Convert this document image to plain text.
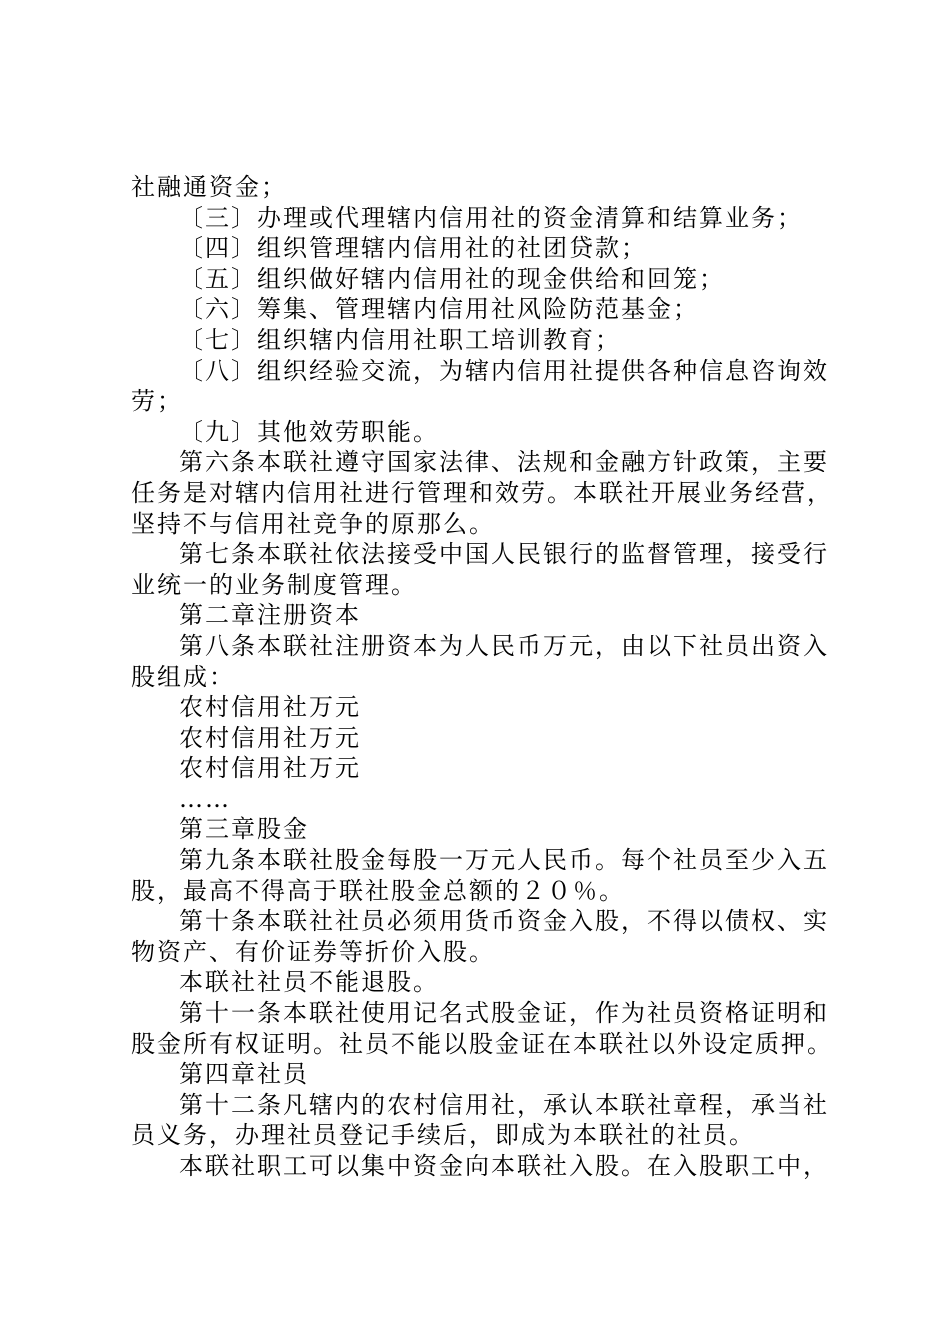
社融通资金；
〔三〕办理或代理辖内信用社的资金清算和结算业务；
〔四〕组织管理辖内信用社的社团贷款；
〔五〕组织做好辖内信用社的现金供给和回笼；
〔六〕筹集、管理辖内信用社风险防范基金；
〔七〕组织辖内信用社职工培训教育；
〔八〕组织经验交流，为辖内信用社提供各种信息咨询效
劳；
〔九〕其他效劳职能。
第六条本联社遵守国家法律、法规和金融方针政策，主要
任务是对辖内信用社进行管理和效劳。本联社开展业务经营，
坚持不与信用社竞争的原那么。
第七条本联社依法接受中国人民银行的监督管理，接受行
业统一的业务制度管理。
第二章注册资本
第八条本联社注册资本为人民币万元，由以下社员出资入
股组成：
农村信用社万元
农村信用社万元
农村信用社万元
……
第三章股金
第九条本联社股金每股一万元人民币。每个社员至少入五
股，最高不得高于联社股金总额的２０％。
第十条本联社社员必须用货币资金入股，不得以债权、实
物资产、有价证券等折价入股。
本联社社员不能退股。
第十一条本联社使用记名式股金证，作为社员资格证明和
股金所有权证明。社员不能以股金证在本联社以外设定质押。
第四章社员
第十二条凡辖内的农村信用社，承认本联社章程，承当社
员义务，办理社员登记手续后，即成为本联社的社员。
本联社职工可以集中资金向本联社入股。在入股职工中，
